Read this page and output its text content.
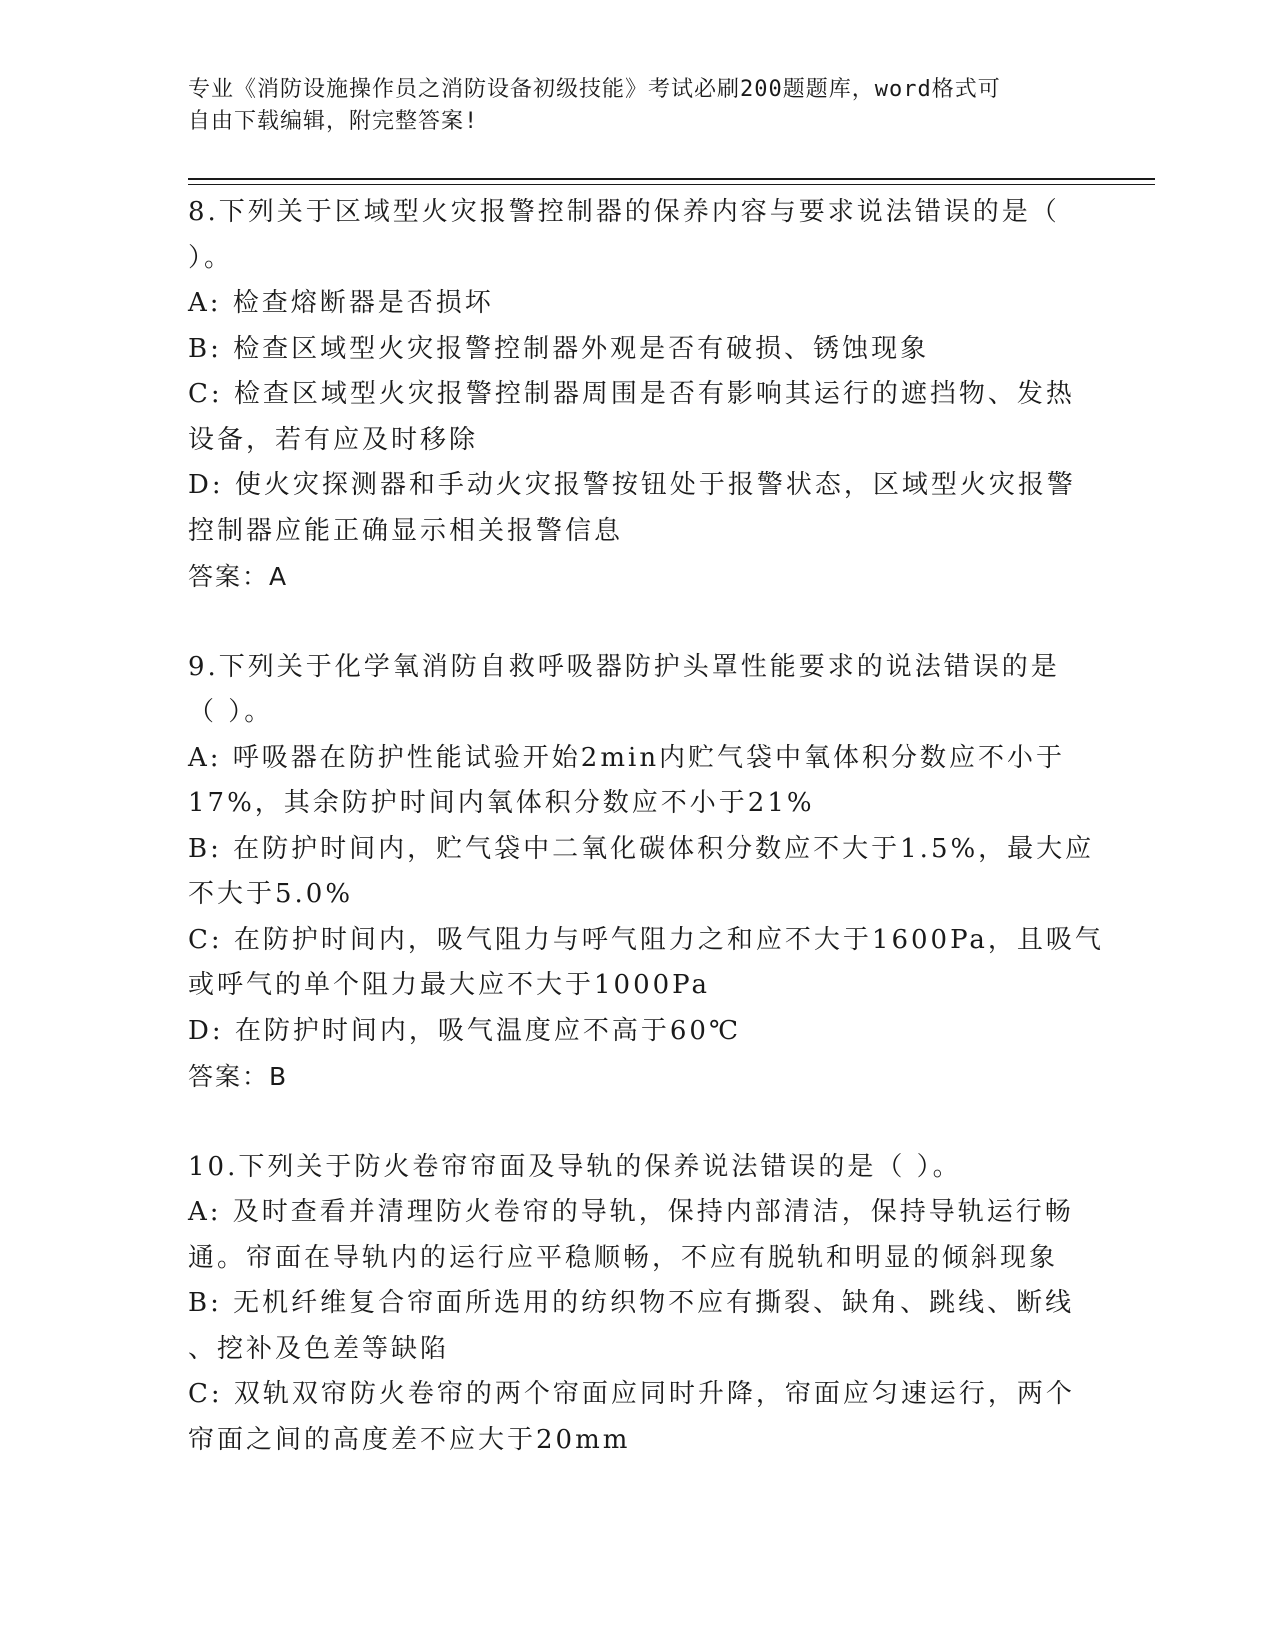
专业《消防设施操作员之消防设备初级技能》考试必刷200题题库，word格式可
自由下载编辑，附完整答案!
8.下列关于区域型火灾报警控制器的保养内容与要求说法错误的是（
）。
A: 检查熔断器是否损坏
B: 检查区域型火灾报警控制器外观是否有破损、锈蚀现象
C: 检查区域型火灾报警控制器周围是否有影响其运行的遮挡物、发热
设备，若有应及时移除
D: 使火灾探测器和手动火灾报警按钮处于报警状态，区域型火灾报警
控制器应能正确显示相关报警信息
答案：A
9.下列关于化学氧消防自救呼吸器防护头罩性能要求的说法错误的是
（ ）。
A: 呼吸器在防护性能试验开始2min内贮气袋中氧体积分数应不小于
17%，其余防护时间内氧体积分数应不小于21%
B: 在防护时间内，贮气袋中二氧化碳体积分数应不大于1.5%，最大应
不大于5.0%
C: 在防护时间内，吸气阻力与呼气阻力之和应不大于1600Pa，且吸气
或呼气的单个阻力最大应不大于1000Pa
D: 在防护时间内，吸气温度应不高于60℃
答案：B
10.下列关于防火卷帘帘面及导轨的保养说法错误的是（ ）。
A: 及时查看并清理防火卷帘的导轨，保持内部清洁，保持导轨运行畅
通。帘面在导轨内的运行应平稳顺畅，不应有脱轨和明显的倾斜现象
B: 无机纤维复合帘面所选用的纺织物不应有撕裂、缺角、跳线、断线
、挖补及色差等缺陷
C: 双轨双帘防火卷帘的两个帘面应同时升降，帘面应匀速运行，两个
帘面之间的高度差不应大于20mm
